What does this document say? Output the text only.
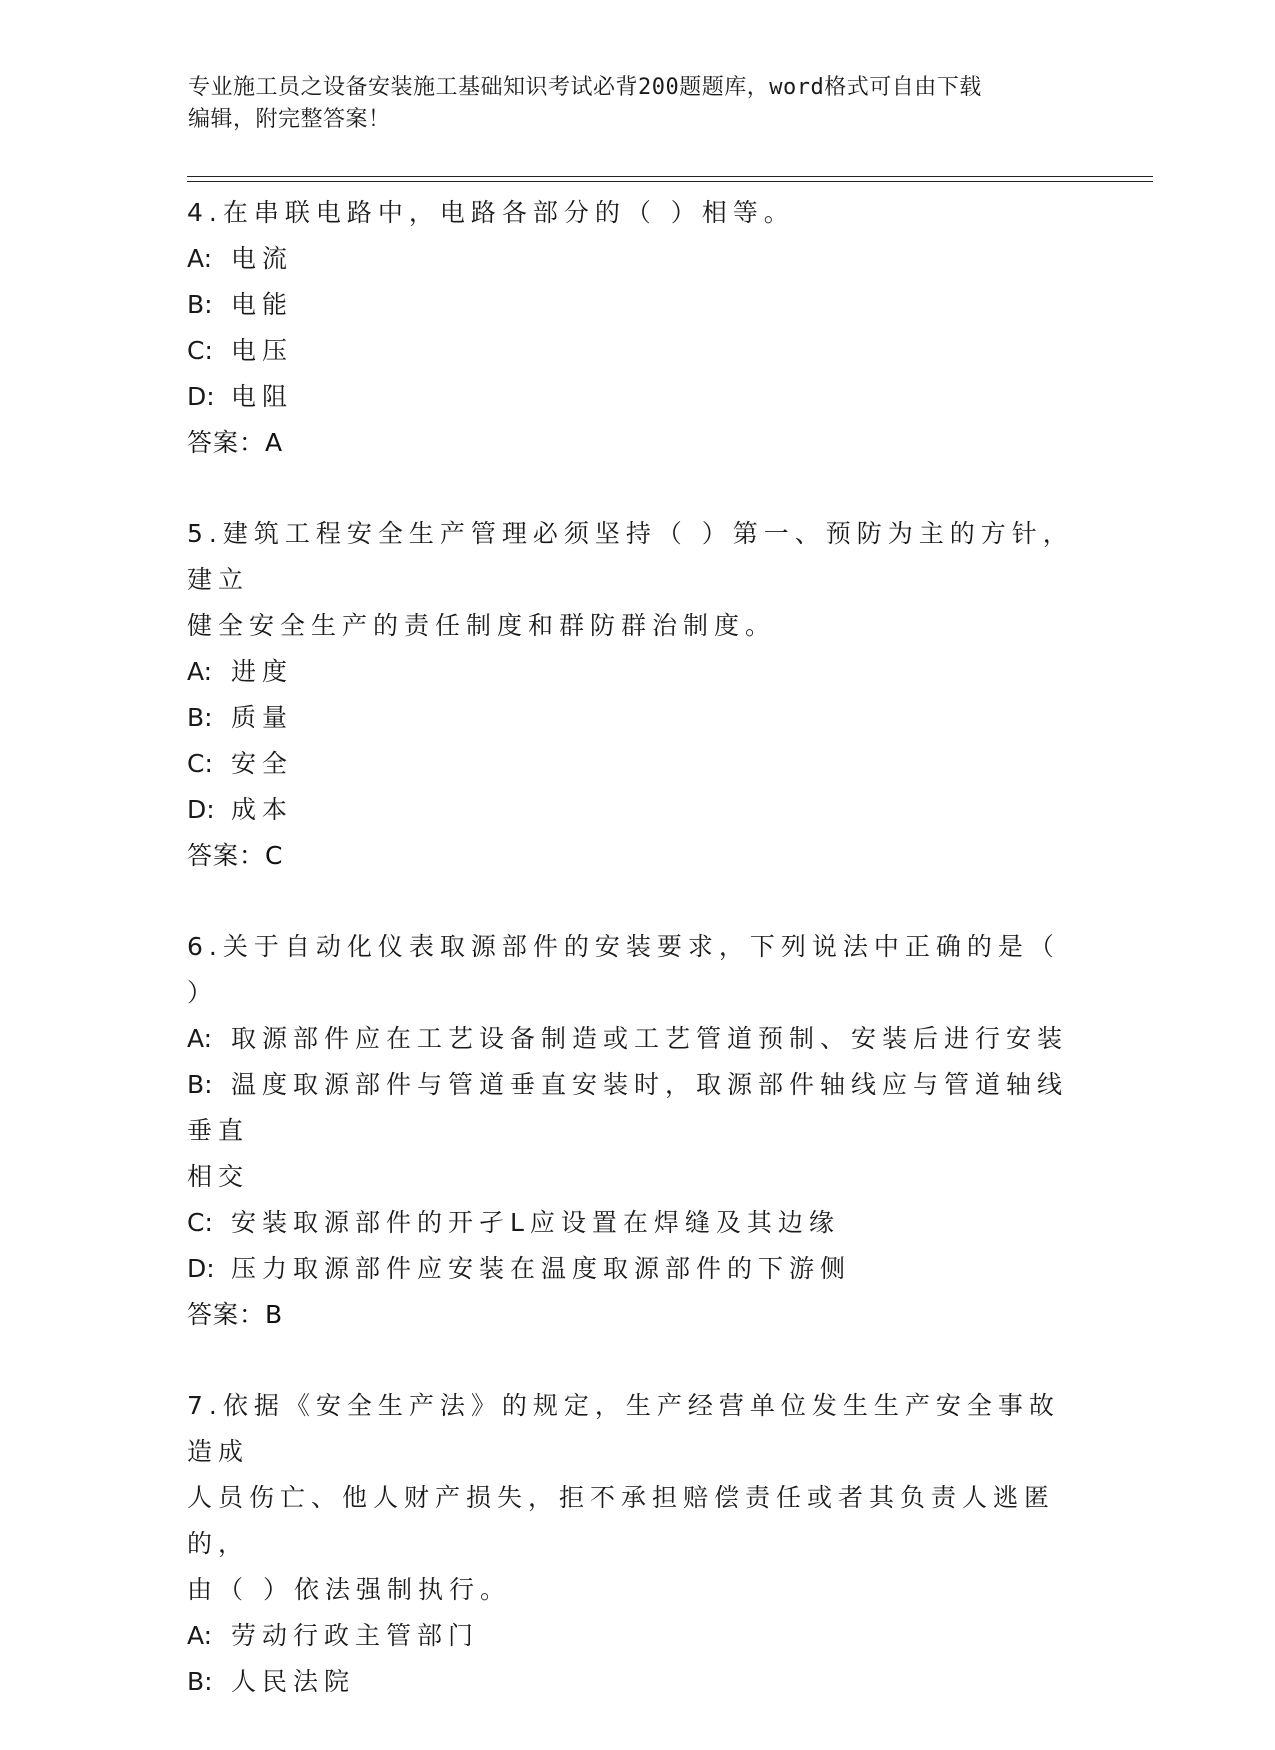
专业施工员之设备安装施工基础知识考试必背200题题库，word格式可自由下载
编辑，附完整答案！
4.在串联电路中，电路各部分的（ ）相等。
A: 电流
B: 电能
C: 电压
D: 电阻
答案：A
5.建筑工程安全生产管理必须坚持（ ）第一、预防为主的方针，建立
健全安全生产的责任制度和群防群治制度。
A: 进度
B: 质量
C: 安全
D: 成本
答案：C
6.关于自动化仪表取源部件的安装要求，下列说法中正确的是（ ）
A: 取源部件应在工艺设备制造或工艺管道预制、安装后进行安装
B: 温度取源部件与管道垂直安装时，取源部件轴线应与管道轴线垂直
相交
C: 安装取源部件的开孑L应设置在焊缝及其边缘
D: 压力取源部件应安装在温度取源部件的下游侧
答案：B
7.依据《安全生产法》的规定，生产经营单位发生生产安全事故造成
人员伤亡、他人财产损失，拒不承担赔偿责任或者其负责人逃匿的，
由（ ）依法强制执行。
A: 劳动行政主管部门
B: 人民法院
